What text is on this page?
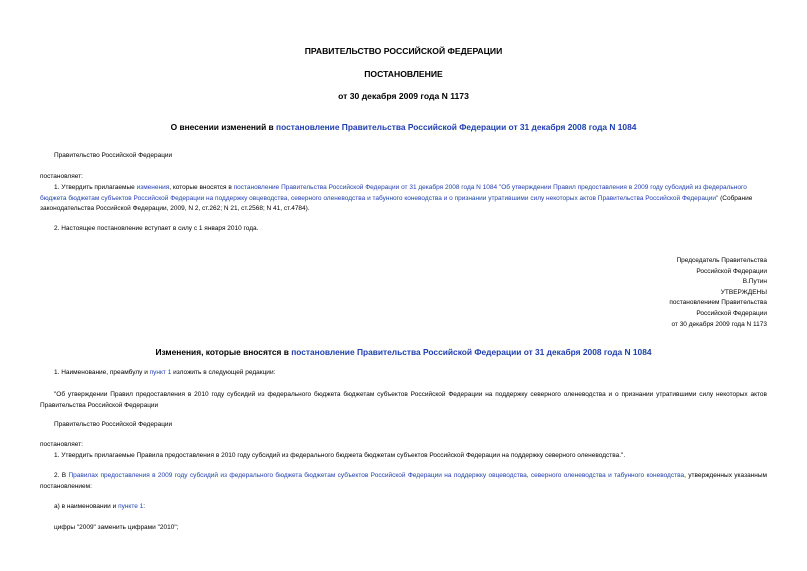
ПРАВИТЕЛЬСТВО РОССИЙСКОЙ ФЕДЕРАЦИИ
ПОСТАНОВЛЕНИЕ
от 30 декабря 2009 года N 1173
О внесении изменений в постановление Правительства Российской Федерации от 31 декабря 2008 года N 1084
Правительство Российской Федерации
постановляет:
1. Утвердить прилагаемые изменения, которые вносятся в постановление Правительства Российской Федерации от 31 декабря 2008 года N 1084 "Об утверждении Правил предоставления в 2009 году субсидий из федерального бюджета бюджетам субъектов Российской Федерации на поддержку овцеводства, северного оленеводства и табунного коневодства и о признании утратившими силу некоторых актов Правительства Российской Федерации" (Собрание законодательства Российской Федерации, 2009, N 2, ст.262; N 21, ст.2568; N 41, ст.4784).
2. Настоящее постановление вступает в силу с 1 января 2010 года.
Председатель Правительства
Российской Федерации
В.Путин
УТВЕРЖДЕНЫ
постановлением Правительства
Российской Федерации
от 30 декабря 2009 года N 1173
Изменения, которые вносятся в постановление Правительства Российской Федерации от 31 декабря 2008 года N 1084
1. Наименование, преамбулу и пункт 1 изложить в следующей редакции:
"Об утверждении Правил предоставления в 2010 году субсидий из федерального бюджета бюджетам субъектов Российской Федерации на поддержку северного оленеводства и о признании утратившими силу некоторых актов Правительства Российской Федерации
Правительство Российской Федерации
постановляет:
1. Утвердить прилагаемые Правила предоставления в 2010 году субсидий из федерального бюджета бюджетам субъектов Российской Федерации на поддержку северного оленеводства.".
2. В Правилах предоставления в 2009 году субсидий из федерального бюджета бюджетам субъектов Российской Федерации на поддержку овцеводства, северного оленеводства и табунного коневодства, утвержденных указанным постановлением:
а) в наименовании и пункте 1:
цифры "2009" заменить цифрами "2010";
